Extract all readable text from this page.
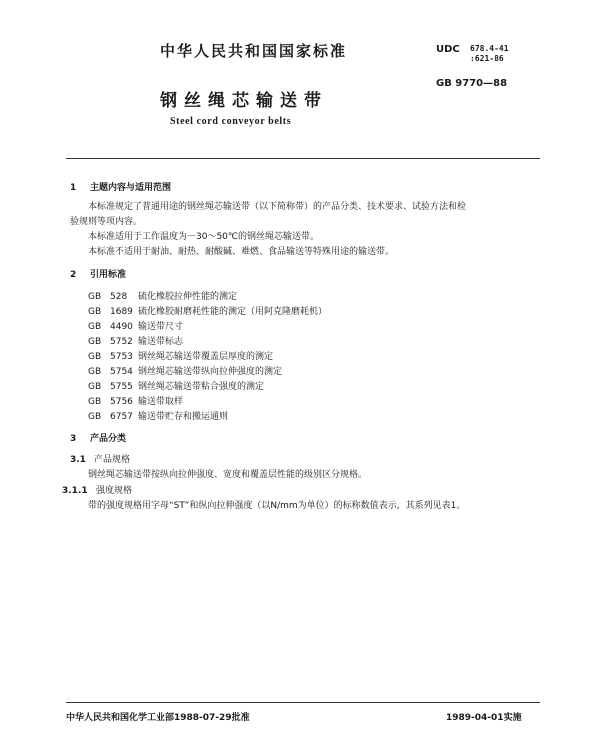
中华人民共和国国家标准	UDC 678.4-41
:621-86
GB 9770—88
钢丝绳芯输送带
Steel cord conveyor belts
1 主题内容与适用范围
本标准规定了普通用途的钢丝绳芯输送带（以下简称带）的产品分类、技术要求、试验方法和检
验规则等项内容。
本标准适用于工作温度为－30～50℃的钢丝绳芯输送带。
本标准不适用于耐油、耐热、耐酸碱、难燃、食品输送等特殊用途的输送带。
2 引用标准
GB 528 硫化橡胶拉伸性能的测定
GB 1689 硫化橡胶耐磨耗性能的测定（用阿克隆磨耗机）
GB 4490 输送带尺寸
GB 5752 输送带标志
GB 5753 钢丝绳芯输送带覆盖层厚度的测定
GB 5754 钢丝绳芯输送带纵向拉伸强度的测定
GB 5755 钢丝绳芯输送带粘合强度的测定
GB 5756 输送带取样
GB 6757 输送带贮存和搬运通则
3 产品分类
3.1 产品规格
钢丝绳芯输送带按纵向拉伸强度、宽度和覆盖层性能的级别区分规格。
3.1.1 强度规格
带的强度规格用字母“ST”和纵向拉伸强度（以N/mm为单位）的标称数值表示，其系列见表1。
中华人民共和国化学工业部1988-07-29批准	1989-04-01实施
